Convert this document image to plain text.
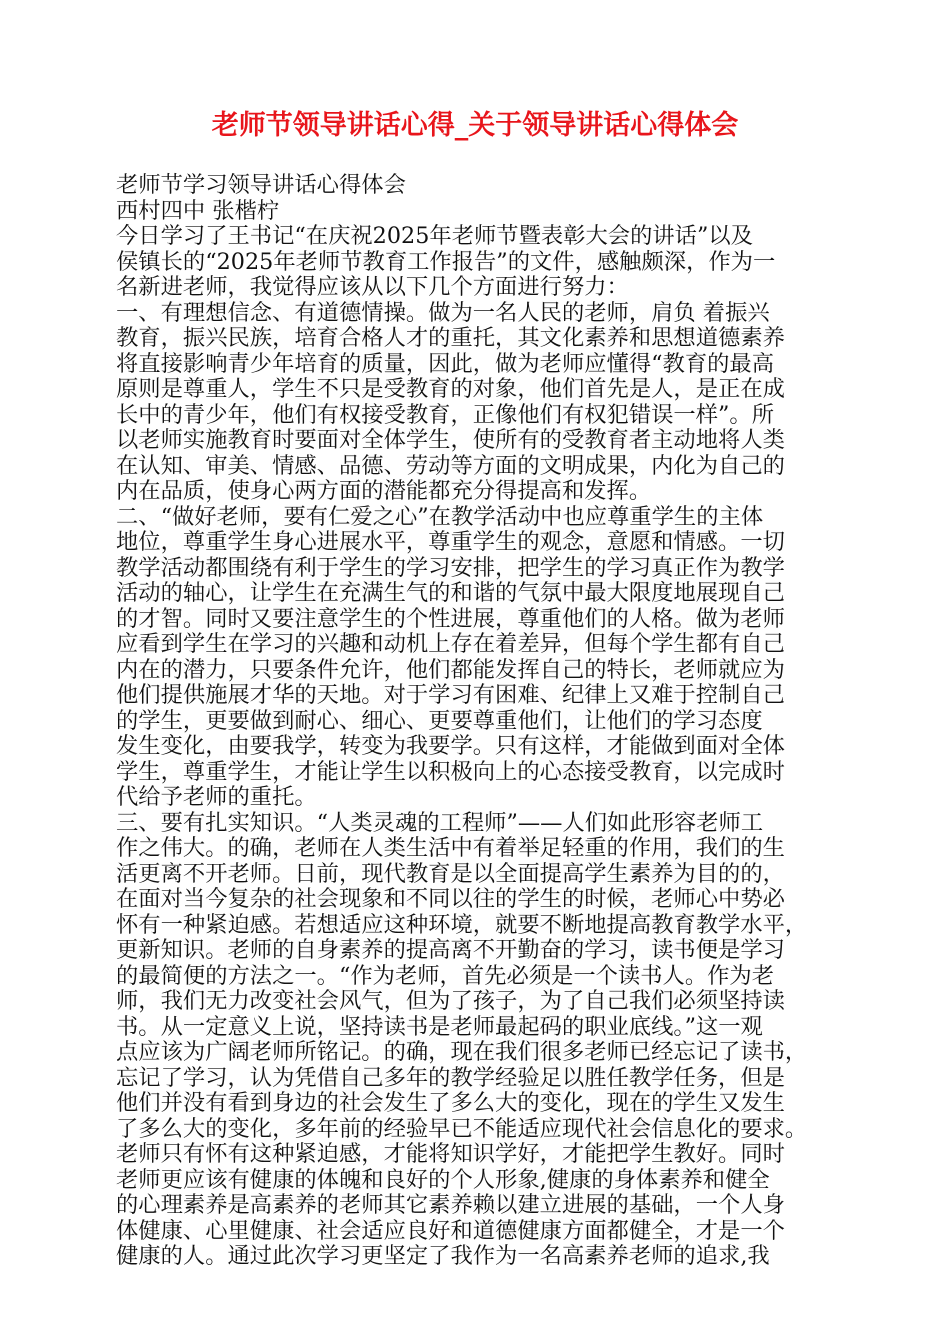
老师节领导讲话心得_关于领导讲话心得体会
老师节学习领导讲话心得体会
西村四中 张楷柠
今日学习了王书记“在庆祝2025年老师节暨表彰大会的讲话”以及
侯镇长的“2025年老师节教育工作报告”的文件，感触颇深，作为一
名新进老师，我觉得应该从以下几个方面进行努力：
一、有理想信念、有道德情操。做为一名人民的老师，肩负 着振兴
教育，振兴民族，培育合格人才的重托，其文化素养和思想道德素养
将直接影响青少年培育的质量，因此，做为老师应懂得“教育的最高
原则是尊重人，学生不只是受教育的对象，他们首先是人，是正在成
长中的青少年，他们有权接受教育，正像他们有权犯错误一样”。所
以老师实施教育时要面对全体学生，使所有的受教育者主动地将人类
在认知、审美、情感、品德、劳动等方面的文明成果，内化为自己的
内在品质，使身心两方面的潜能都充分得提高和发挥。
二、“做好老师，要有仁爱之心”在教学活动中也应尊重学生的主体
地位，尊重学生身心进展水平，尊重学生的观念，意愿和情感。一切
教学活动都围绕有利于学生的学习安排，把学生的学习真正作为教学
活动的轴心，让学生在充满生气的和谐的气氛中最大限度地展现自己
的才智。同时又要注意学生的个性进展，尊重他们的人格。做为老师
应看到学生在学习的兴趣和动机上存在着差异，但每个学生都有自己
内在的潜力，只要条件允许，他们都能发挥自己的特长，老师就应为
他们提供施展才华的天地。对于学习有困难、纪律上又难于控制自己
的学生，更要做到耐心、细心、更要尊重他们，让他们的学习态度
发生变化，由要我学，转变为我要学。只有这样，才能做到面对全体
学生，尊重学生，才能让学生以积极向上的心态接受教育，以完成时
代给予老师的重托。
三、要有扎实知识。“人类灵魂的工程师”——人们如此形容老师工
作之伟大。的确，老师在人类生活中有着举足轻重的作用，我们的生
活更离不开老师。日前，现代教育是以全面提高学生素养为目的的，
在面对当今复杂的社会现象和不同以往的学生的时候，老师心中势必
怀有一种紧迫感。若想适应这种环境，就要不断地提高教育教学水平，
更新知识。老师的自身素养的提高离不开勤奋的学习，读书便是学习
的最简便的方法之一。“作为老师，首先必须是一个读书人。作为老
师，我们无力改变社会风气，但为了孩子，为了自己我们必须坚持读
书。从一定意义上说，坚持读书是老师最起码的职业底线。”这一观
点应该为广阔老师所铭记。的确，现在我们很多老师已经忘记了读书，
忘记了学习，认为凭借自己多年的教学经验足以胜任教学任务，但是
他们并没有看到身边的社会发生了多么大的变化，现在的学生又发生
了多么大的变化，多年前的经验早已不能适应现代社会信息化的要求。
老师只有怀有这种紧迫感，才能将知识学好，才能把学生教好。同时
老师更应该有健康的体魄和良好的个人形象,健康的身体素养和健全
的心理素养是高素养的老师其它素养赖以建立进展的基础，一个人身
体健康、心里健康、社会适应良好和道德健康方面都健全，才是一个
健康的人。通过此次学习更坚定了我作为一名高素养老师的追求,我
